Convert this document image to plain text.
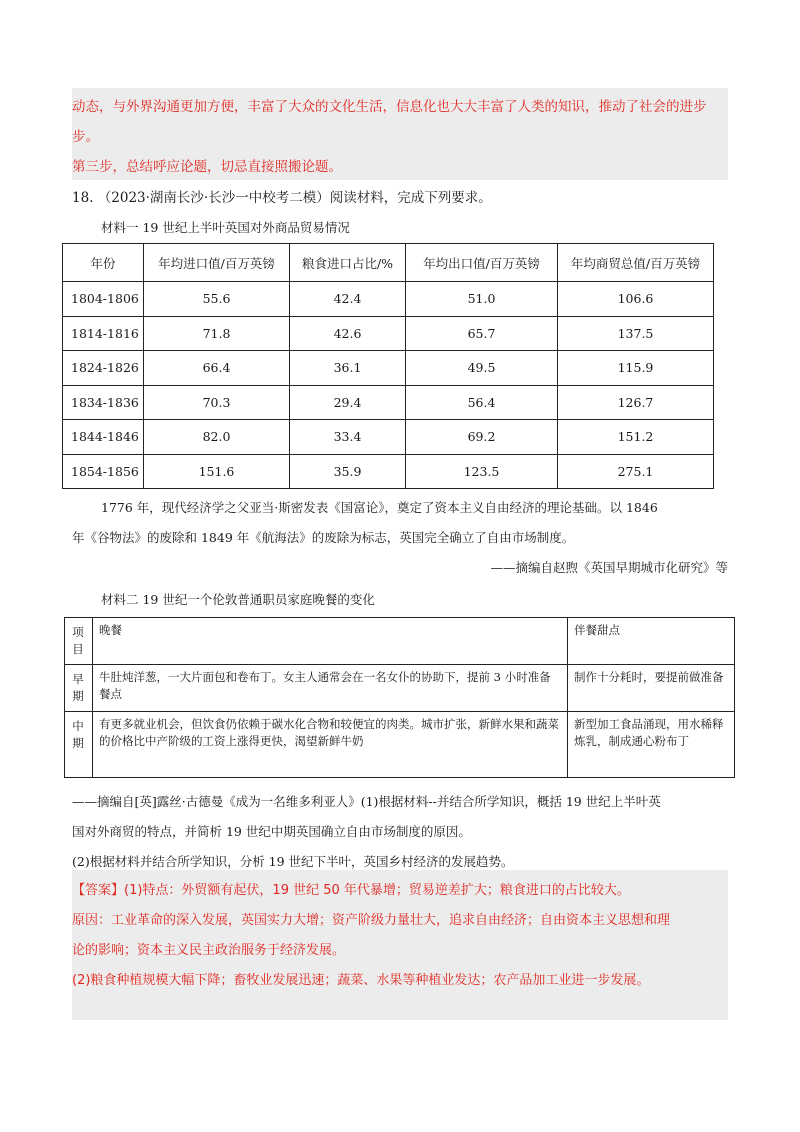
动态，与外界沟通更加方便，丰富了大众的文化生活，信息化也大大丰富了人类的知识，推动了社会的进步
步。
第三步，总结呼应论题，切忌直接照搬论题。
18. （2023·湖南长沙·长沙一中校考二模）阅读材料，完成下列要求。
材料一 19 世纪上半叶英国对外商品贸易情况
年份	年均进口值/百万英镑	粮食进口占比/%	年均出口值/百万英镑	年均商贸总值/百万英镑
1804-1806	55.6	42.4	51.0	106.6
1814-1816	71.8	42.6	65.7	137.5
1824-1826	66.4	36.1	49.5	115.9
1834-1836	70.3	29.4	56.4	126.7
1844-1846	82.0	33.4	69.2	151.2
1854-1856	151.6	35.9	123.5	275.1
1776 年，现代经济学之父亚当·斯密发表《国富论》，奠定了资本主义自由经济的理论基础。以 1846
年《谷物法》的废除和 1849 年《航海法》的废除为标志，英国完全确立了自由市场制度。
——摘编自赵煦《英国早期城市化研究》等
材料二 19 世纪一个伦敦普通职员家庭晚餐的变化
项目	晚餐	伴餐甜点
早期	牛肚炖洋葱，一大片面包和卷布丁。女主人通常会在一名女仆的协助下，提前 3 小时准备餐点	制作十分耗时，要提前做准备
中期	有更多就业机会，但饮食仍依赖于碳水化合物和较便宜的肉类。城市扩张，新鲜水果和蔬菜的价格比中产阶级的工资上涨得更快，渴望新鲜牛奶	新型加工食品涌现，用水稀释炼乳，制成通心粉布丁
——摘编自[英]露丝·古德曼《成为一名维多利亚人》(1)根据材料--并结合所学知识，概括 19 世纪上半叶英
国对外商贸的特点，并简析 19 世纪中期英国确立自由市场制度的原因。
(2)根据材料并结合所学知识，分析 19 世纪下半叶，英国乡村经济的发展趋势。
【答案】(1)特点：外贸额有起伏，19 世纪 50 年代暴增；贸易逆差扩大；粮食进口的占比较大。
原因：工业革命的深入发展，英国实力大增；资产阶级力量壮大，追求自由经济；自由资本主义思想和理
论的影响；资本主义民主政治服务于经济发展。
(2)粮食种植规模大幅下降；畜牧业发展迅速；蔬菜、水果等种植业发达；农产品加工业进一步发展。
